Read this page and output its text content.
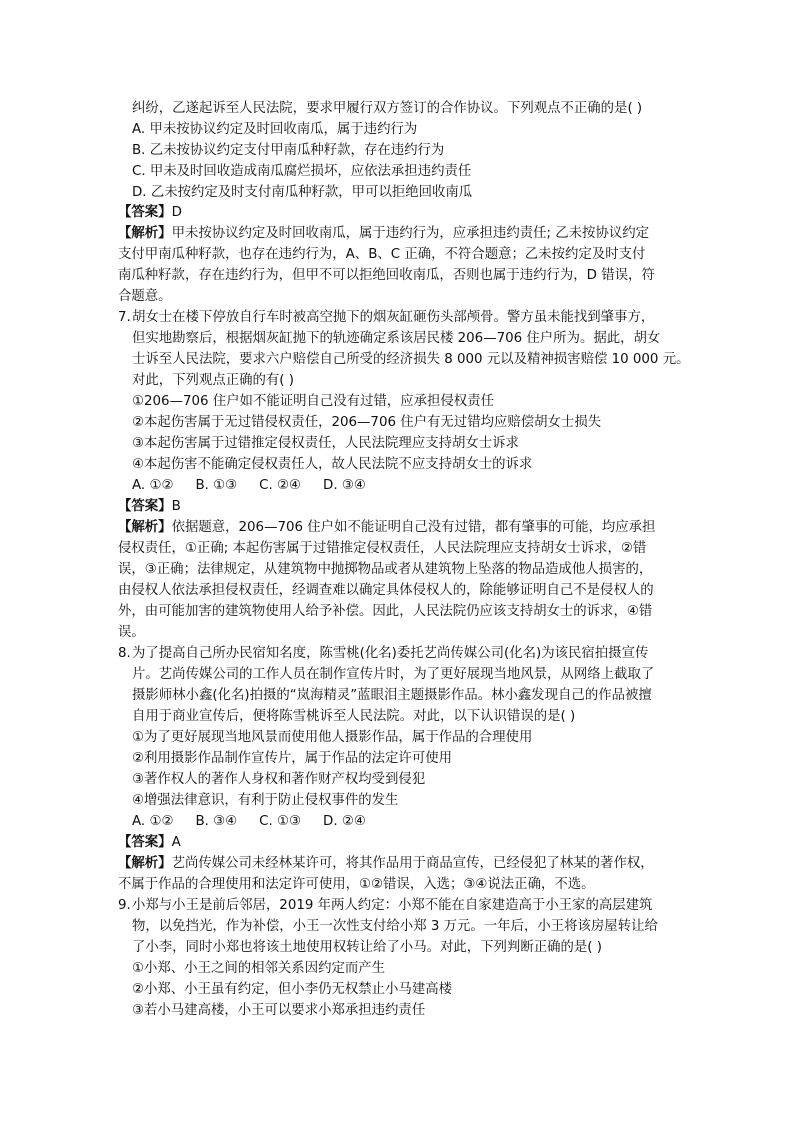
纠纷，乙遂起诉至人民法院，要求甲履行双方签订的合作协议。下列观点不正确的是( )
A. 甲未按协议约定及时回收南瓜，属于违约行为
B. 乙未按协议约定支付甲南瓜种籽款，存在违约行为
C. 甲未及时回收造成南瓜腐烂损坏，应依法承担违约责任
D. 乙未按约定及时支付南瓜种籽款，甲可以拒绝回收南瓜
【答案】D
【解析】甲未按协议约定及时回收南瓜，属于违约行为，应承担违约责任; 乙未按协议约定
支付甲南瓜种籽款，也存在违约行为，A、B、C 正确，不符合题意；乙未按约定及时支付
南瓜种籽款，存在违约行为，但甲不可以拒绝回收南瓜，否则也属于违约行为，D 错误，符
合题意。
7.胡女士在楼下停放自行车时被高空抛下的烟灰缸砸伤头部颅骨。警方虽未能找到肇事方，
但实地勘察后，根据烟灰缸抛下的轨迹确定系该居民楼 206—706 住户所为。据此，胡女
士诉至人民法院，要求六户赔偿自己所受的经济损失 8 000 元以及精神损害赔偿 10 000 元。
对此，下列观点正确的有( )
①206—706 住户如不能证明自己没有过错，应承担侵权责任
②本起伤害属于无过错侵权责任，206—706 住户有无过错均应赔偿胡女士损失
③本起伤害属于过错推定侵权责任，人民法院理应支持胡女士诉求
④本起伤害不能确定侵权责任人，故人民法院不应支持胡女士的诉求
A. ①② B. ①③ C. ②④ D. ③④
【答案】B
【解析】依据题意，206—706 住户如不能证明自己没有过错，都有肇事的可能，均应承担
侵权责任，①正确; 本起伤害属于过错推定侵权责任，人民法院理应支持胡女士诉求，②错
误，③正确；法律规定，从建筑物中抛掷物品或者从建筑物上坠落的物品造成他人损害的，
由侵权人依法承担侵权责任，经调查难以确定具体侵权人的，除能够证明自己不是侵权人的
外，由可能加害的建筑物使用人给予补偿。因此，人民法院仍应该支持胡女士的诉求，④错
误。
8.为了提高自己所办民宿知名度，陈雪桃(化名)委托艺尚传媒公司(化名)为该民宿拍摄宣传
片。艺尚传媒公司的工作人员在制作宣传片时，为了更好展现当地风景，从网络上截取了
摄影师林小鑫(化名)拍摄的“岚海精灵”蓝眼泪主题摄影作品。林小鑫发现自己的作品被擅
自用于商业宣传后，便将陈雪桃诉至人民法院。对此，以下认识错误的是( )
①为了更好展现当地风景而使用他人摄影作品，属于作品的合理使用
②利用摄影作品制作宣传片，属于作品的法定许可使用
③著作权人的著作人身权和著作财产权均受到侵犯
④增强法律意识，有利于防止侵权事件的发生
A. ①② B. ③④ C. ①③ D. ②④
【答案】A
【解析】艺尚传媒公司未经林某许可，将其作品用于商品宣传，已经侵犯了林某的著作权，
不属于作品的合理使用和法定许可使用，①②错误，入选；③④说法正确，不选。
9.小郑与小王是前后邻居，2019 年两人约定：小郑不能在自家建造高于小王家的高层建筑
物，以免挡光，作为补偿，小王一次性支付给小郑 3 万元。一年后，小王将该房屋转让给
了小李，同时小郑也将该土地使用权转让给了小马。对此，下列判断正确的是( )
①小郑、小王之间的相邻关系因约定而产生
②小郑、小王虽有约定，但小李仍无权禁止小马建高楼
③若小马建高楼，小王可以要求小郑承担违约责任
